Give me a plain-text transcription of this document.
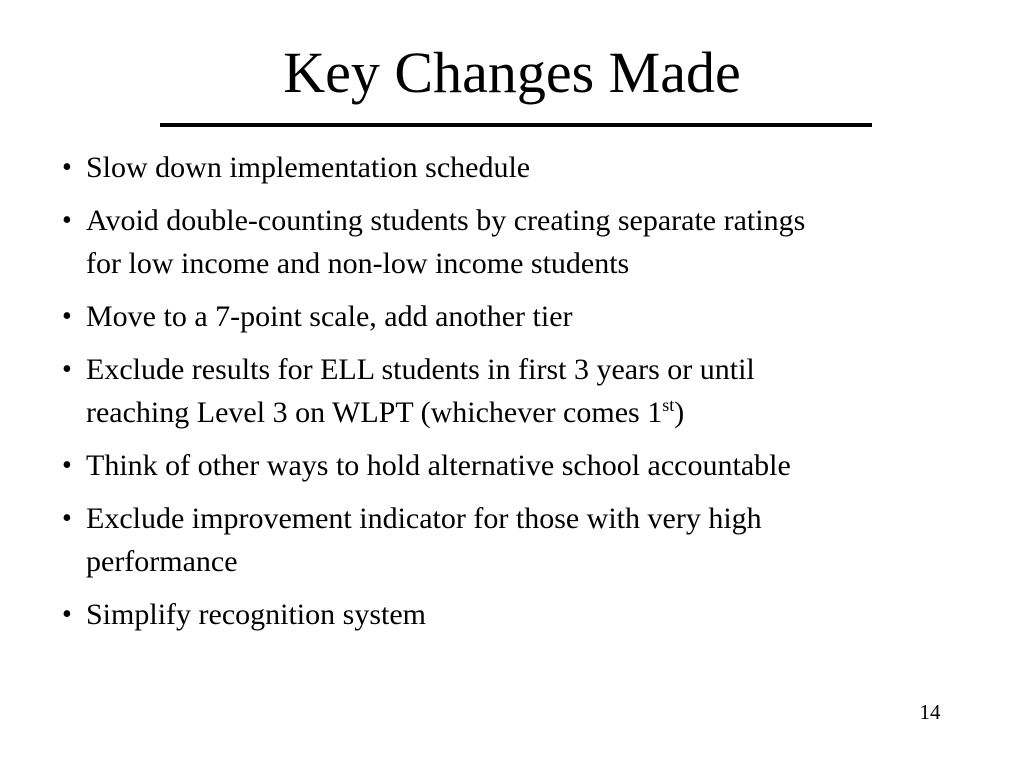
Key Changes Made
• Slow down implementation schedule
• Avoid double-counting students by creating separate ratings
for low income and non-low income students
• Move to a 7-point scale, add another tier
• Exclude results for ELL students in first 3 years or until
reaching Level 3 on WLPT (whichever comes 1st)
• Think of other ways to hold alternative school accountable
• Exclude improvement indicator for those with very high
performance
• Simplify recognition system
14
